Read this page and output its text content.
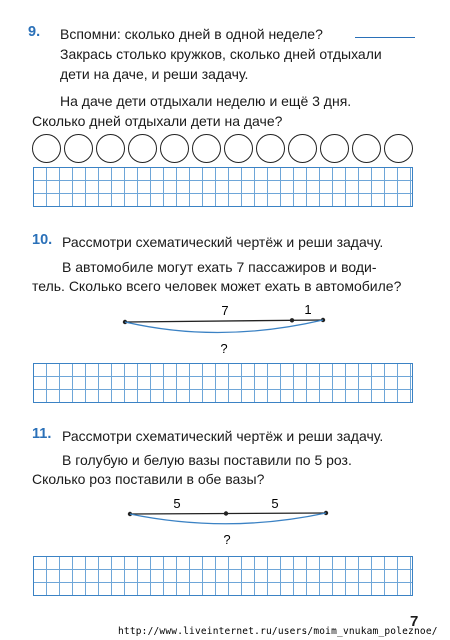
9. Вспомни: сколько дней в одной неделе?
Закрась столько кружков, сколько дней отдыхали
дети на даче, и реши задачу.
На даче дети отдыхали неделю и ещё 3 дня.
Сколько дней отдыхали дети на даче?
10. Рассмотри схематический чертёж и реши задачу.
В автомобиле могут ехать 7 пассажиров и води-
тель. Сколько всего человек может ехать в автомобиле?
7	1
?
11. Рассмотри схематический чертёж и реши задачу.
В голубую и белую вазы поставили по 5 роз.
Сколько роз поставили в обе вазы?
5	5
?
7
http://www.liveinternet.ru/users/moim_vnukam_poleznoe/
